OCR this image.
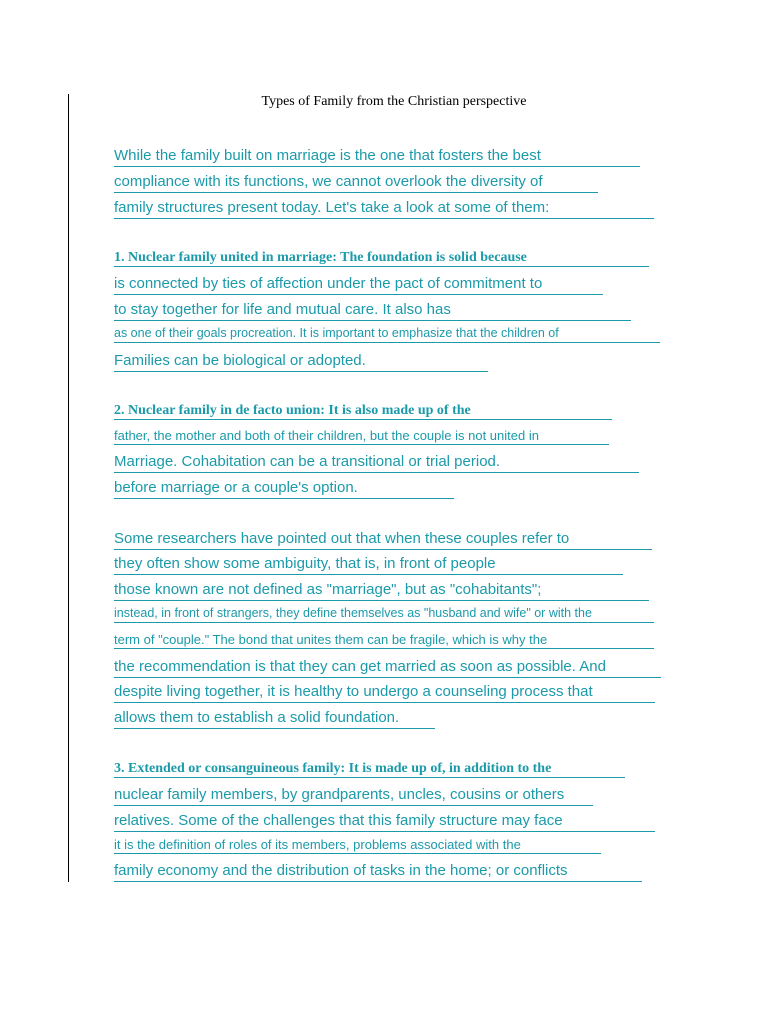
Types of Family from the Christian perspective
While the family built on marriage is the one that fosters the best
compliance with its functions, we cannot overlook the diversity of
family structures present today. Let's take a look at some of them:
1. Nuclear family united in marriage: The foundation is solid because
is connected by ties of affection under the pact of commitment to
to stay together for life and mutual care. It also has
as one of their goals procreation. It is important to emphasize that the children of
Families can be biological or adopted.
2. Nuclear family in de facto union: It is also made up of the
father, the mother and both of their children, but the couple is not united in
Marriage. Cohabitation can be a transitional or trial period.
before marriage or a couple's option.
Some researchers have pointed out that when these couples refer to
they often show some ambiguity, that is, in front of people
those known are not defined as "marriage", but as "cohabitants";
instead, in front of strangers, they define themselves as "husband and wife" or with the
term of "couple." The bond that unites them can be fragile, which is why the
the recommendation is that they can get married as soon as possible. And
despite living together, it is healthy to undergo a counseling process that
allows them to establish a solid foundation.
3. Extended or consanguineous family: It is made up of, in addition to the
nuclear family members, by grandparents, uncles, cousins or others
relatives. Some of the challenges that this family structure may face
it is the definition of roles of its members, problems associated with the
family economy and the distribution of tasks in the home; or conflicts
